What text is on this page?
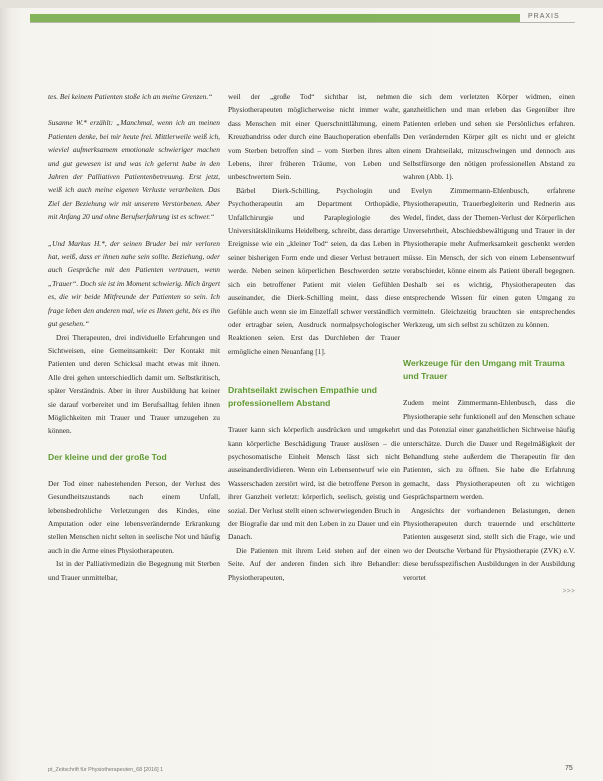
PRAXIS

tes. Bei keinem Patienten stoße ich an meine Grenzen.“

Susanne W.* erzählt: „Manchmal, wenn ich an meinen Patienten denke, bei mir heute frei. Mittlerweile weiß ich, wieviel aufmerksamem emotionale schwieriger machen und gut gewesen ist und was ich gelernt habe in den Jahren der Palliativen Patientenbetreuung. Erst jetzt, weiß ich auch meine eigenen Verluste verarbeiten. Das Ziel der Beziehung wir mit unserem Verstorbenen. Aber mit Anfang 20 und ohne Berufserfahrung ist es schwer.“

„Und Markus H.*, der seinen Bruder bei mir verloren hat, weiß, dass er ihnen nahe sein sollte. Beziehung, oder auch Gespräche mit den Patienten vertrauen, wenn „Trauer“. Doch sie ist im Moment schwierig. Mich ärgert es, die wir beide Mitfreunde der Patienten so sein. Ich frage leben den anderen mal, wie es Ihnen geht, bis es ihn gut gesehen.“

Drei Therapeuten, drei individuelle Erfahrungen und Sichtweisen, eine Gemeinsamkeit: Der Kontakt mit Patienten und deren Schicksal macht etwas mit ihnen. Alle drei gehen unterschiedlich damit um. Selbstkritisch, später Verständnis. Aber in ihrer Ausbildung hat keiner sie darauf vorbereitet und im Berufsalltag fehlen ihnen Möglichkeiten mit Trauer und Trauer umzugehen zu können.

Der kleine und der große Tod

Der Tod einer nahestehenden Person, der Verlust des Gesundheitszustands nach einem Unfall, lebensbedrohliche Verletzungen des Kindes, eine Amputation oder eine lebensverändernde Erkrankung stellen Menschen nicht selten in seelische Not und häufig auch in die Arme eines Physiotherapeuten.

Ist in der Palliativmedizin die Begegnung mit Sterben und Trauer unmittelbar,

weil der „große Tod“ sichtbar ist, nehmen Physiotherapeuten möglicherweise nicht immer wahr, dass Menschen mit einer Querschnittlähmung, einem Kreuzbandriss oder durch eine Bauchoperation ebenfalls vom Sterben betroffen sind – vom Sterben ihres alten Lebens, ihrer früheren Träume, von Leben und unbeschwertem Sein.

Bärbel Dierk-Schilling, Psychologin und Psychotherapeutin am Department Orthopädie, Unfallchirurgie und Paraplegiologie des Universitätsklinikums Heidelberg, schreibt, dass derartige Ereignisse wie ein „kleiner Tod“ seien, da das Leben in seiner bisherigen Form ende und dieser Verlust betrauert werde. Neben seinen körperlichen Beschwerden setzte sich ein betroffener Patient mit vielen Gefühlen auseinander, die Dierk-Schilling meint, dass diese Gefühle auch wenn sie im Einzelfall schwer verständlich oder ertragbar seien, Ausdruck normalpsychologischer Reaktionen seien. Erst das Durchleben der Trauer ermögliche einen Neuanfang [1].

Drahtseilakt zwischen Empathie und professionellem Abstand

Trauer kann sich körperlich ausdrücken und umgekehrt kann körperliche Beschädigung Trauer auslösen – die psychosomatische Einheit Mensch lässt sich nicht auseinanderdividieren. Wenn ein Lebensentwurf wie ein Wasserschaden zerstört wird, ist die betroffene Person in ihrer Ganzheit verletzt: körperlich, seelisch, geistig und sozial. Der Verlust stellt einen schwerwiegenden Bruch in der Biografie dar und mit den Leben in zu Dauer und ein Danach.

Die Patienten mit ihrem Leid stehen auf der einen Seite. Auf der anderen finden sich ihre Behandler: Physiotherapeuten,

die sich dem verletzten Körper widmen, einen ganzheitlichen und man erleben das Gegenüber ihre Patienten erleben und sehen sie Persönliches erfahren. Den verändernden Körper gilt es nicht und er gleicht einem Drahtseilakt, mitzuschwingen und dennoch aus Selbstfürsorge den nötigen professionellen Abstand zu wahren (Abb. 1).

Evelyn Zimmermann-Ehlenbusch, erfahrene Physiotherapeutin, Trauerbegleiterin und Rednerin aus Wedel, findet, dass der Themen-Verlust der Körperlichen Unversehrtheit, Abschiedsbewältigung und Trauer in der Physiotherapie mehr Aufmerksamkeit geschenkt werden müsse. Ein Mensch, der sich von einem Lebensentwurf verabschiedet, könne einem als Patient überall begegnen. Deshalb sei es wichtig, Physiotherapeuten das entsprechende Wissen für einen guten Umgang zu vermitteln. Gleichzeitig brauchten sie entsprechendes Werkzeug, um sich selbst zu schützen zu können.

Werkzeuge für den Umgang mit Trauma und Trauer

Zudem meint Zimmermann-Ehlenbusch, dass die Physiotherapie sehr funktionell auf den Menschen schaue und das Potenzial einer ganzheitlichen Sichtweise häufig unterschätze. Durch die Dauer und Regelmäßigkeit der Behandlung stehe außerdem die Therapeutin für den Patienten, sich zu öffnen. Sie habe die Erfahrung gemacht, dass Physiotherapeuten oft zu wichtigen Gesprächspartnern werden.

Angesichts der vorhandenen Belastungen, denen Physiotherapeuten durch trauernde und erschütterte Patienten ausgesetzt sind, stellt sich die Frage, wie und wo der Deutsche Verband für Physiotherapie (ZVK) e.V. diese berufsspezifischen Ausbildungen in der Ausbildung verortet

>>>
pt_Zeitschrift für Physiotherapeuten_68 [2016] 1	75
